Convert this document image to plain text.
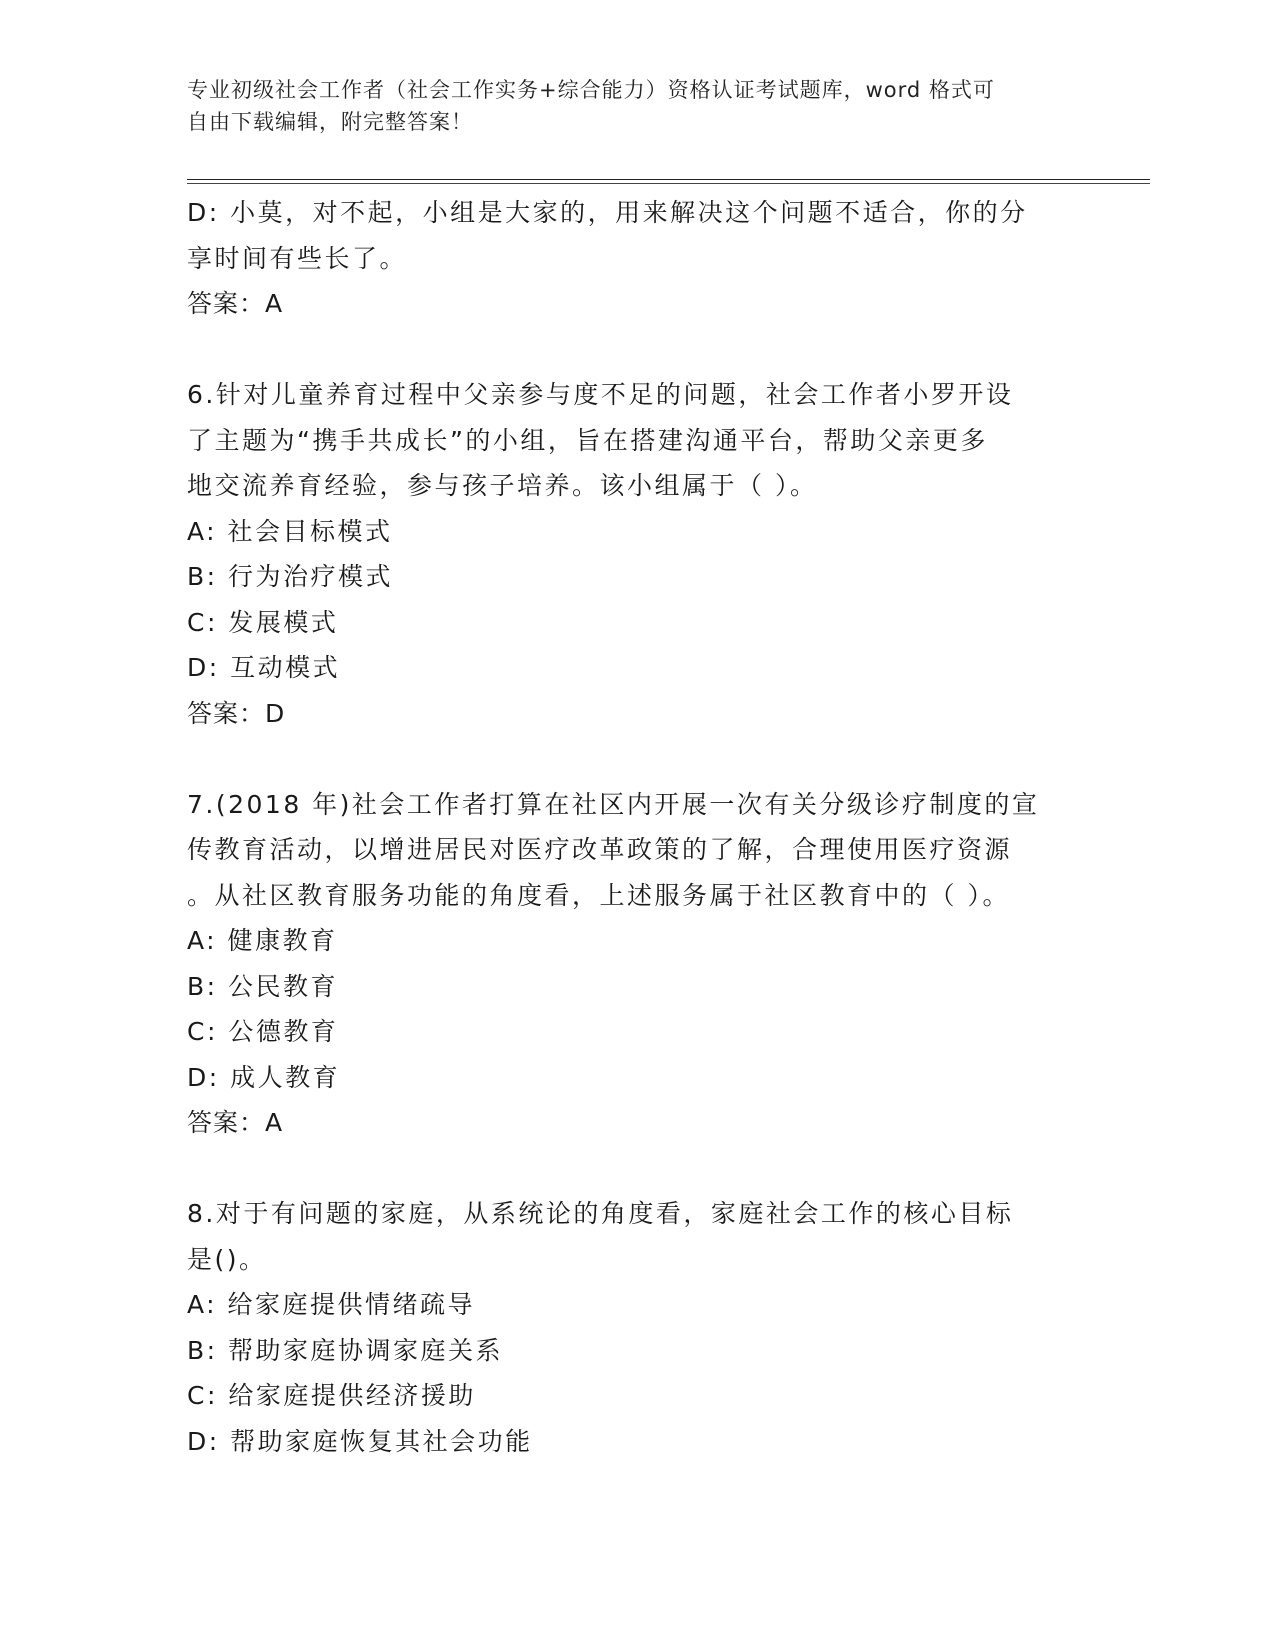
专业初级社会工作者（社会工作实务+综合能力）资格认证考试题库，word 格式可
自由下载编辑，附完整答案！
D: 小莫，对不起，小组是大家的，用来解决这个问题不适合，你的分
享时间有些长了。
答案：A
6.针对儿童养育过程中父亲参与度不足的问题，社会工作者小罗开设
了主题为“携手共成长”的小组，旨在搭建沟通平台，帮助父亲更多
地交流养育经验，参与孩子培养。该小组属于（ ）。
A: 社会目标模式
B: 行为治疗模式
C: 发展模式
D: 互动模式
答案：D
7.(2018 年)社会工作者打算在社区内开展一次有关分级诊疗制度的宣
传教育活动，以增进居民对医疗改革政策的了解，合理使用医疗资源
。从社区教育服务功能的角度看，上述服务属于社区教育中的（ ）。
A: 健康教育
B: 公民教育
C: 公德教育
D: 成人教育
答案：A
8.对于有问题的家庭，从系统论的角度看，家庭社会工作的核心目标
是()。
A: 给家庭提供情绪疏导
B: 帮助家庭协调家庭关系
C: 给家庭提供经济援助
D: 帮助家庭恢复其社会功能
